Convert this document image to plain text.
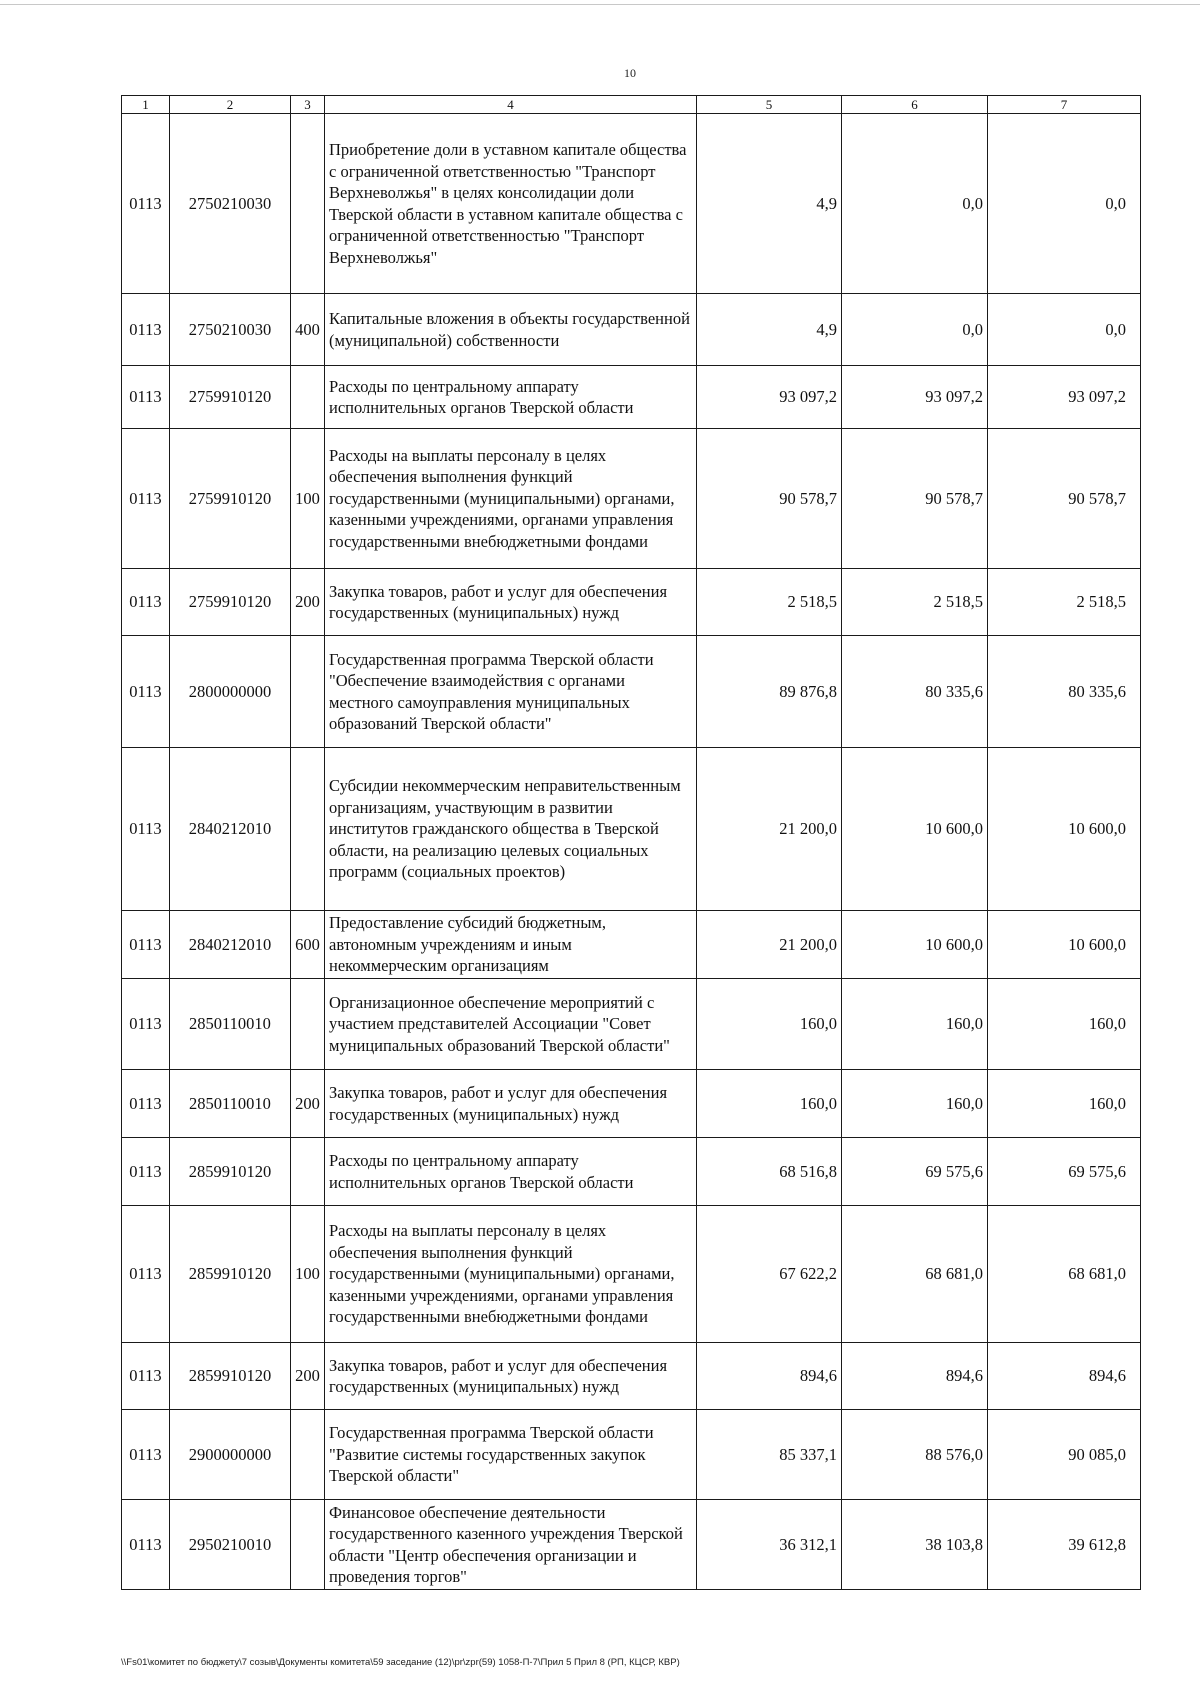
10
1	2	3	4	5	6	7
0113	2750210030		Приобретение доли в уставном капитале общества с ограниченной ответственностью "Транспорт Верхневолжья" в целях консолидации доли Тверской области в уставном капитале общества с ограниченной ответственностью "Транспорт Верхневолжья"	4,9	0,0	0,0
0113	2750210030	400	Капитальные вложения в объекты государственной (муниципальной) собственности	4,9	0,0	0,0
0113	2759910120		Расходы по центральному аппарату исполнительных органов Тверской области	93 097,2	93 097,2	93 097,2
0113	2759910120	100	Расходы на выплаты персоналу в целях обеспечения выполнения функций государственными (муниципальными) органами, казенными учреждениями, органами управления государственными внебюджетными фондами	90 578,7	90 578,7	90 578,7
0113	2759910120	200	Закупка товаров, работ и услуг для обеспечения государственных (муниципальных) нужд	2 518,5	2 518,5	2 518,5
0113	2800000000		Государственная программа Тверской области "Обеспечение взаимодействия с органами местного самоуправления муниципальных образований Тверской области"	89 876,8	80 335,6	80 335,6
0113	2840212010		Субсидии некоммерческим неправительственным организациям, участвующим в развитии институтов гражданского общества в Тверской области, на реализацию целевых социальных программ (социальных проектов)	21 200,0	10 600,0	10 600,0
0113	2840212010	600	Предоставление субсидий бюджетным, автономным учреждениям и иным некоммерческим организациям	21 200,0	10 600,0	10 600,0
0113	2850110010		Организационное обеспечение мероприятий с участием представителей Ассоциации "Совет муниципальных образований Тверской области"	160,0	160,0	160,0
0113	2850110010	200	Закупка товаров, работ и услуг для обеспечения государственных (муниципальных) нужд	160,0	160,0	160,0
0113	2859910120		Расходы по центральному аппарату исполнительных органов Тверской области	68 516,8	69 575,6	69 575,6
0113	2859910120	100	Расходы на выплаты персоналу в целях обеспечения выполнения функций государственными (муниципальными) органами, казенными учреждениями, органами управления государственными внебюджетными фондами	67 622,2	68 681,0	68 681,0
0113	2859910120	200	Закупка товаров, работ и услуг для обеспечения государственных (муниципальных) нужд	894,6	894,6	894,6
0113	2900000000		Государственная программа Тверской области "Развитие системы государственных закупок Тверской области"	85 337,1	88 576,0	90 085,0
0113	2950210010		Финансовое обеспечение деятельности государственного казенного учреждения Тверской области "Центр обеспечения организации и проведения торгов"	36 312,1	38 103,8	39 612,8
\\Fs01\комитет по бюджету\7 созыв\Документы комитета\59 заседание (12)\pr\zpr(59) 1058-П-7\Прил 5 Прил 8 (РП, КЦСР, КВР)
